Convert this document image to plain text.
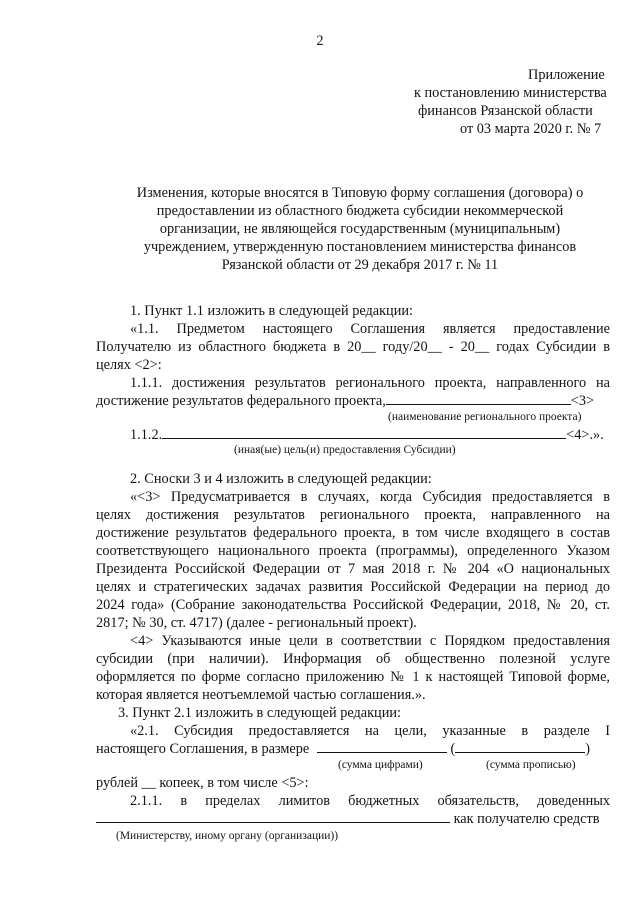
2
Приложение
к постановлению министерства
финансов Рязанской области
от 03 марта 2020 г. № 7
Изменения, которые вносятся в Типовую форму соглашения (договора) о
предоставлении из областного бюджета субсидии некоммерческой
организации, не являющейся государственным (муниципальным)
учреждением, утвержденную постановлением министерства финансов
Рязанской области от 29 декабря 2017 г. № 11
1. Пункт 1.1 изложить в следующей редакции:
«1.1. Предметом настоящего Соглашения является предоставление
Получателю из областного бюджета в 20__ году/20__ - 20__ годах Субсидии в
целях <2>:
1.1.1. достижения результатов регионального проекта, направленного на
достижение результатов федерального проекта,	<3>
(наименование регионального проекта)
1.1.2.	<4>.».
(иная(ые) цель(и) предоставления Субсидии)
2. Сноски 3 и 4 изложить в следующей редакции:
«<3> Предусматривается в случаях, когда Субсидия предоставляется в
целях достижения результатов регионального проекта, направленного на
достижение результатов федерального проекта, в том числе входящего в состав
соответствующего национального проекта (программы), определенного Указом
Президента Российской Федерации от 7 мая 2018 г. № 204 «О национальных
целях и стратегических задачах развития Российской Федерации на период до
2024 года» (Собрание законодательства Российской Федерации, 2018, № 20, ст.
2817; № 30, ст. 4717) (далее - региональный проект).
<4> Указываются иные цели в соответствии с Порядком предоставления
субсидии (при наличии). Информация об общественно полезной услуге
оформляется по форме согласно приложению № 1 к настоящей Типовой форме,
которая является неотъемлемой частью соглашения.».
3. Пункт 2.1 изложить в следующей редакции:
«2.1. Субсидия предоставляется на цели, указанные в разделе I
настоящего Соглашения, в размере	(	)
(сумма цифрами)	(сумма прописью)
рублей __ копеек, в том числе <5>:
2.1.1. в пределах лимитов бюджетных обязательств, доведенных
как получателю средств
(Министерству, иному органу (организации))
